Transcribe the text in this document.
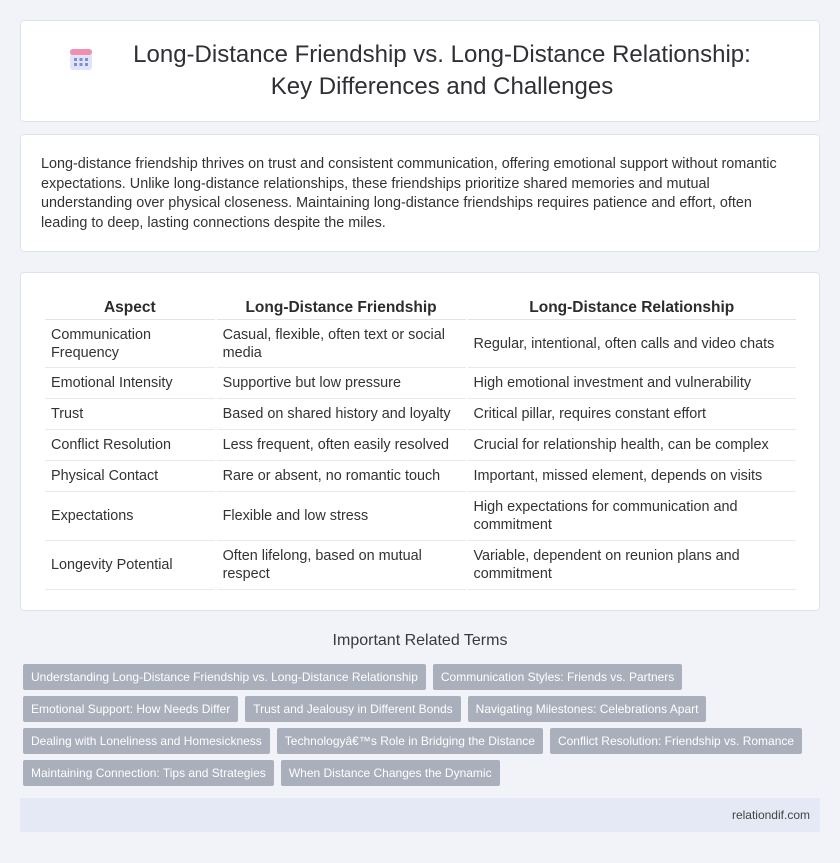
Long-Distance Friendship vs. Long-Distance Relationship: Key Differences and Challenges

Long-distance friendship thrives on trust and consistent communication, offering emotional support without romantic expectations. Unlike long-distance relationships, these friendships prioritize shared memories and mutual understanding over physical closeness. Maintaining long-distance friendships requires patience and effort, often leading to deep, lasting connections despite the miles.

Aspect	Long-Distance Friendship	Long-Distance Relationship
Communication Frequency	Casual, flexible, often text or social media	Regular, intentional, often calls and video chats
Emotional Intensity	Supportive but low pressure	High emotional investment and vulnerability
Trust	Based on shared history and loyalty	Critical pillar, requires constant effort
Conflict Resolution	Less frequent, often easily resolved	Crucial for relationship health, can be complex
Physical Contact	Rare or absent, no romantic touch	Important, missed element, depends on visits
Expectations	Flexible and low stress	High expectations for communication and commitment
Longevity Potential	Often lifelong, based on mutual respect	Variable, dependent on reunion plans and commitment
Important Related Terms
Understanding Long-Distance Friendship vs. Long-Distance Relationship	Communication Styles: Friends vs. Partners
Emotional Support: How Needs Differ	Trust and Jealousy in Different Bonds	Navigating Milestones: Celebrations Apart
Dealing with Loneliness and Homesickness	Technologyâ€™s Role in Bridging the Distance	Conflict Resolution: Friendship vs. Romance
Maintaining Connection: Tips and Strategies	When Distance Changes the Dynamic
relationdif.com
